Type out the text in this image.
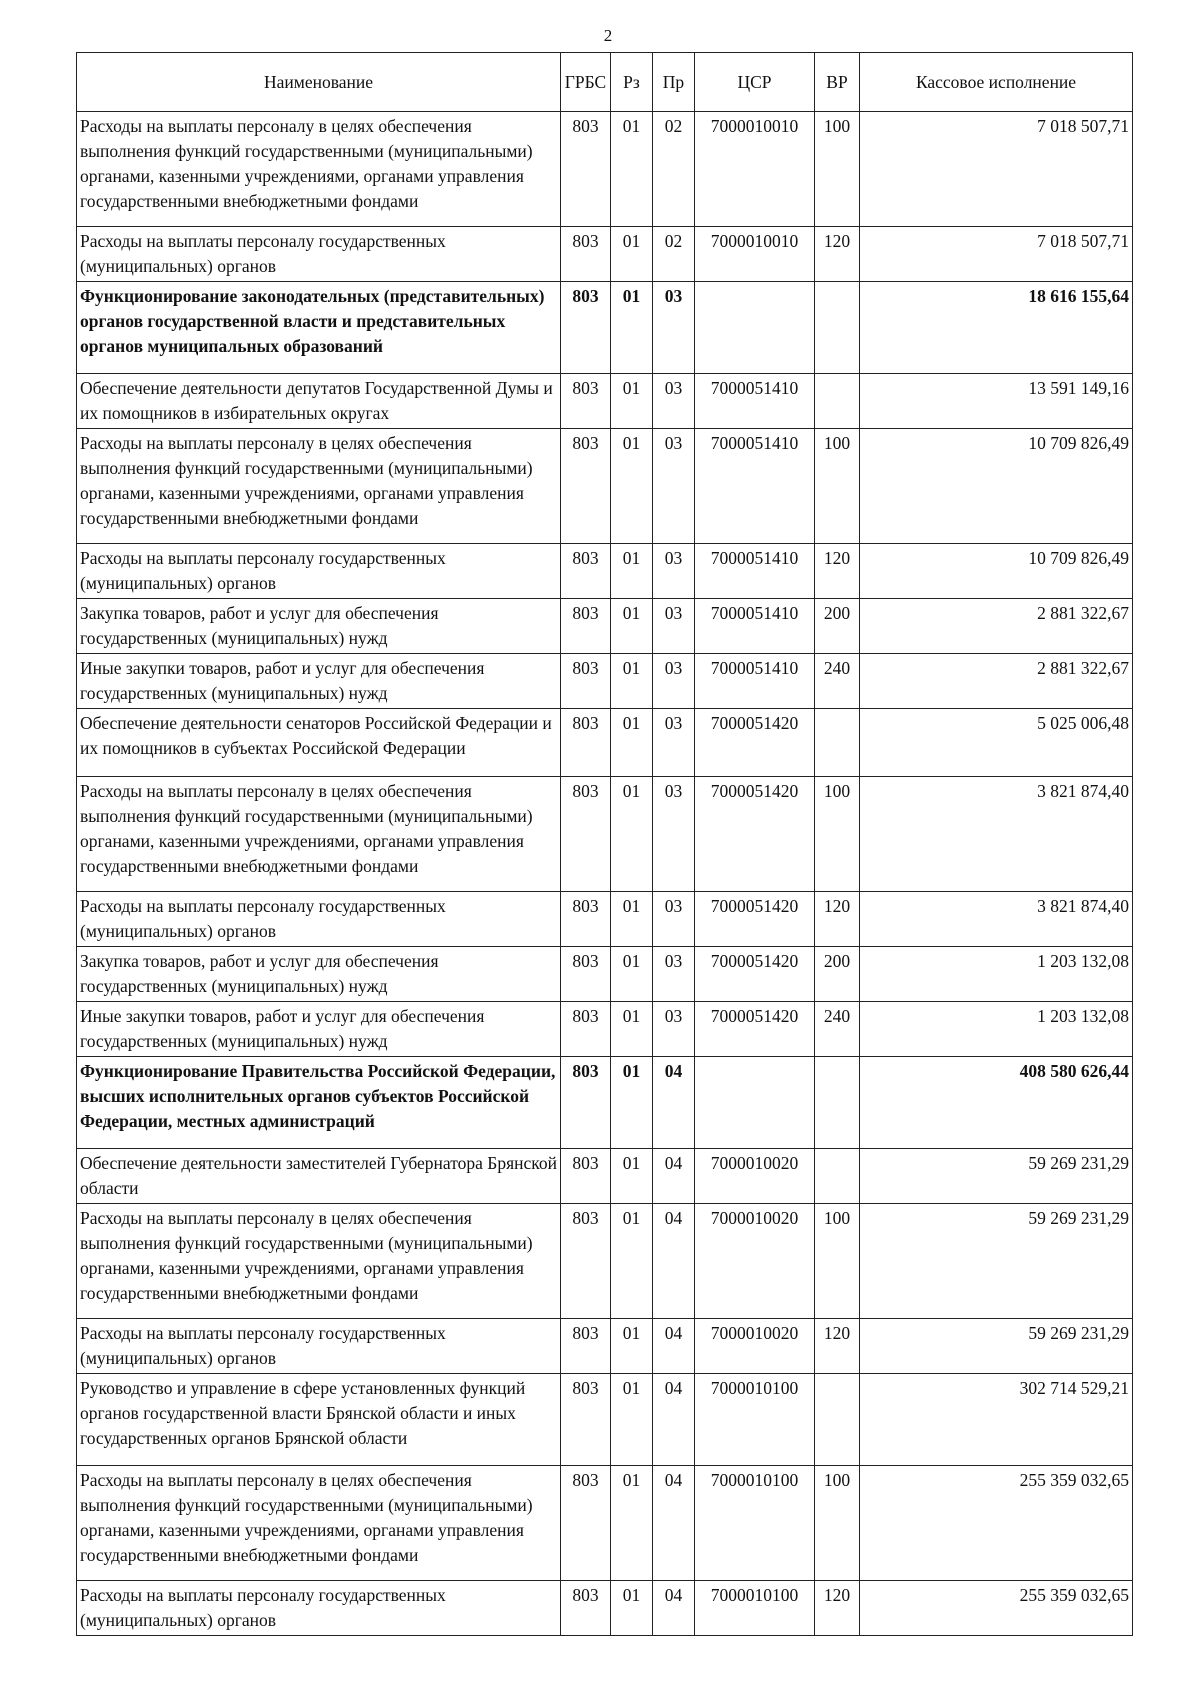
2
Наименование	ГРБС	Рз	Пр	ЦСР	ВР	Кассовое исполнение
Расходы на выплаты персоналу в целях обеспечения выполнения функций государственными (муниципальными) органами, казенными учреждениями, органами управления государственными внебюджетными фондами	803	01	02	7000010010	100	7 018 507,71
Расходы на выплаты персоналу государственных (муниципальных) органов	803	01	02	7000010010	120	7 018 507,71
Функционирование законодательных (представительных) органов государственной власти и представительных органов муниципальных образований	803	01	03			18 616 155,64
Обеспечение деятельности депутатов Государственной Думы и их помощников в избирательных округах	803	01	03	7000051410		13 591 149,16
Расходы на выплаты персоналу в целях обеспечения выполнения функций государственными (муниципальными) органами, казенными учреждениями, органами управления государственными внебюджетными фондами	803	01	03	7000051410	100	10 709 826,49
Расходы на выплаты персоналу государственных (муниципальных) органов	803	01	03	7000051410	120	10 709 826,49
Закупка товаров, работ и услуг для обеспечения государственных (муниципальных) нужд	803	01	03	7000051410	200	2 881 322,67
Иные закупки товаров, работ и услуг для обеспечения государственных (муниципальных) нужд	803	01	03	7000051410	240	2 881 322,67
Обеспечение деятельности сенаторов Российской Федерации и их помощников в субъектах Российской Федерации	803	01	03	7000051420		5 025 006,48
Расходы на выплаты персоналу в целях обеспечения выполнения функций государственными (муниципальными) органами, казенными учреждениями, органами управления государственными внебюджетными фондами	803	01	03	7000051420	100	3 821 874,40
Расходы на выплаты персоналу государственных (муниципальных) органов	803	01	03	7000051420	120	3 821 874,40
Закупка товаров, работ и услуг для обеспечения государственных (муниципальных) нужд	803	01	03	7000051420	200	1 203 132,08
Иные закупки товаров, работ и услуг для обеспечения государственных (муниципальных) нужд	803	01	03	7000051420	240	1 203 132,08
Функционирование Правительства Российской Федерации, высших исполнительных органов субъектов Российской Федерации, местных администраций	803	01	04			408 580 626,44
Обеспечение деятельности заместителей Губернатора Брянской области	803	01	04	7000010020		59 269 231,29
Расходы на выплаты персоналу в целях обеспечения выполнения функций государственными (муниципальными) органами, казенными учреждениями, органами управления государственными внебюджетными фондами	803	01	04	7000010020	100	59 269 231,29
Расходы на выплаты персоналу государственных (муниципальных) органов	803	01	04	7000010020	120	59 269 231,29
Руководство и управление в сфере установленных функций органов государственной власти Брянской области и иных государственных органов Брянской области	803	01	04	7000010100		302 714 529,21
Расходы на выплаты персоналу в целях обеспечения выполнения функций государственными (муниципальными) органами, казенными учреждениями, органами управления государственными внебюджетными фондами	803	01	04	7000010100	100	255 359 032,65
Расходы на выплаты персоналу государственных (муниципальных) органов	803	01	04	7000010100	120	255 359 032,65
